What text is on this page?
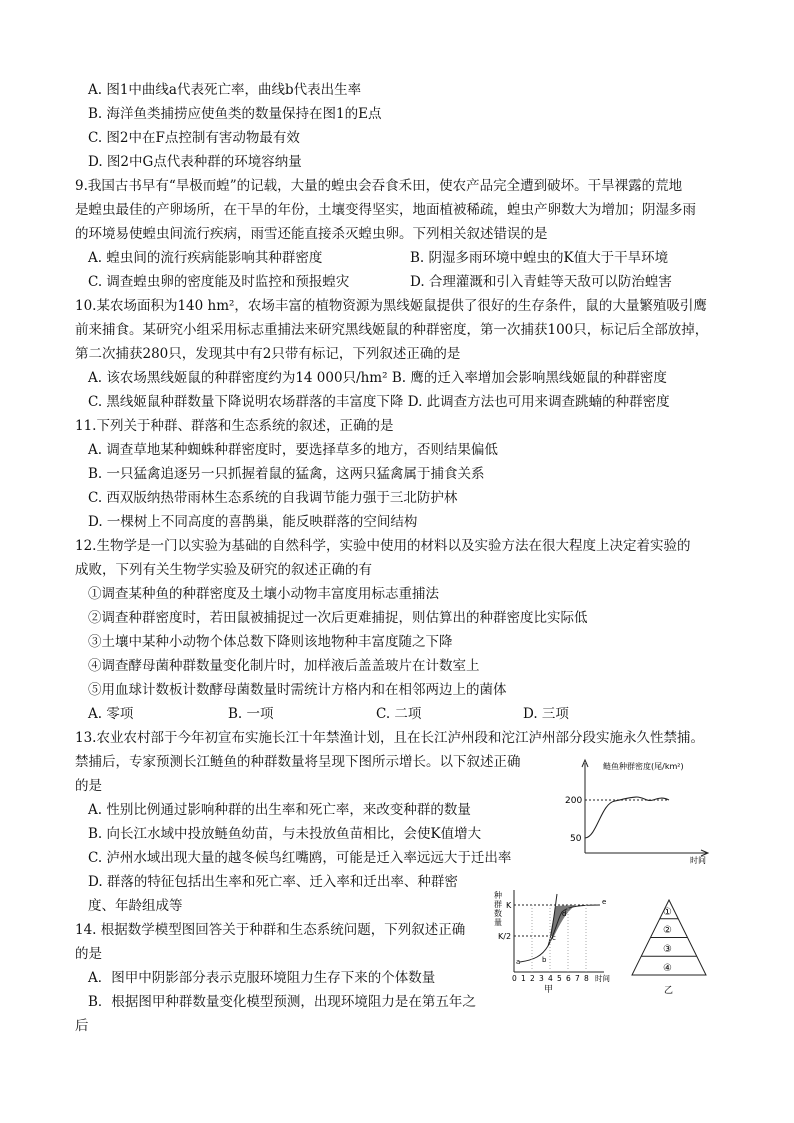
A. 图1中曲线a代表死亡率，曲线b代表出生率
B. 海洋鱼类捕捞应使鱼类的数量保持在图1的E点
C. 图2中在F点控制有害动物最有效
D. 图2中G点代表种群的环境容纳量
9.我国古书早有“旱极而蝗”的记载，大量的蝗虫会吞食禾田，使农产品完全遭到破坏。干旱裸露的荒地
是蝗虫最佳的产卵场所，在干旱的年份，土壤变得坚实，地面植被稀疏，蝗虫产卵数大为增加；阴湿多雨
的环境易使蝗虫间流行疾病，雨雪还能直接杀灭蝗虫卵。下列相关叙述错误的是
A. 蝗虫间的流行疾病能影响其种群密度	B. 阴湿多雨环境中蝗虫的K值大于干旱环境
C. 调查蝗虫卵的密度能及时监控和预报蝗灾	D. 合理灌溉和引入青蛙等天敌可以防治蝗害
10.某农场面积为140 hm²，农场丰富的植物资源为黑线姬鼠提供了很好的生存条件，鼠的大量繁殖吸引鹰
前来捕食。某研究小组采用标志重捕法来研究黑线姬鼠的种群密度，第一次捕获100只，标记后全部放掉，
第二次捕获280只，发现其中有2只带有标记，下列叙述正确的是
A. 该农场黑线姬鼠的种群密度约为14 000只/hm² B. 鹰的迁入率增加会影响黑线姬鼠的种群密度
C. 黑线姬鼠种群数量下降说明农场群落的丰富度下降 D. 此调查方法也可用来调查跳蝻的种群密度
11.下列关于种群、群落和生态系统的叙述，正确的是
A. 调查草地某种蜘蛛种群密度时，要选择草多的地方，否则结果偏低
B. 一只猛禽追逐另一只抓握着鼠的猛禽，这两只猛禽属于捕食关系
C. 西双版纳热带雨林生态系统的自我调节能力强于三北防护林
D. 一棵树上不同高度的喜鹊巢，能反映群落的空间结构
12.生物学是一门以实验为基础的自然科学，实验中使用的材料以及实验方法在很大程度上决定着实验的
成败，下列有关生物学实验及研究的叙述正确的有
①调查某种鱼的种群密度及土壤小动物丰富度用标志重捕法
②调查种群密度时，若田鼠被捕捉过一次后更难捕捉，则估算出的种群密度比实际低
③土壤中某种小动物个体总数下降则该地物种丰富度随之下降
④调查酵母菌种群数量变化制片时，加样液后盖盖玻片在计数室上
⑤用血球计数板计数酵母菌数量时需统计方格内和在相邻两边上的菌体
A. 零项	B. 一项	C. 二项	D. 三项
13.农业农村部于今年初宣布实施长江十年禁渔计划，且在长江泸州段和沱江泸州部分段实施永久性禁捕。
禁捕后，专家预测长江鲢鱼的种群数量将呈现下图所示增长。以下叙述正确
的是
A. 性别比例通过影响种群的出生率和死亡率，来改变种群的数量
B. 向长江水域中投放鲢鱼幼苗，与未投放鱼苗相比，会使K值增大
C. 泸州水域出现大量的越冬候鸟红嘴鸥，可能是迁入率远远大于迁出率
D. 群落的特征包括出生率和死亡率、迁入率和迁出率、种群密
度、年龄组成等
14. 根据数学模型图回答关于种群和生态系统问题，下列叙述正确
的是
A．图甲中阴影部分表示克服环境阻力生存下来的个体数量
B．根据图甲种群数量变化模型预测，出现环境阻力是在第五年之
后
鲢鱼种群密度(尾/km²)
200
50
时间
种
群
数
量
K
K/2
a	b
c
d
e
0 1 2 3 4 5 6 7 8 时间
甲
①
②
③
④
乙
